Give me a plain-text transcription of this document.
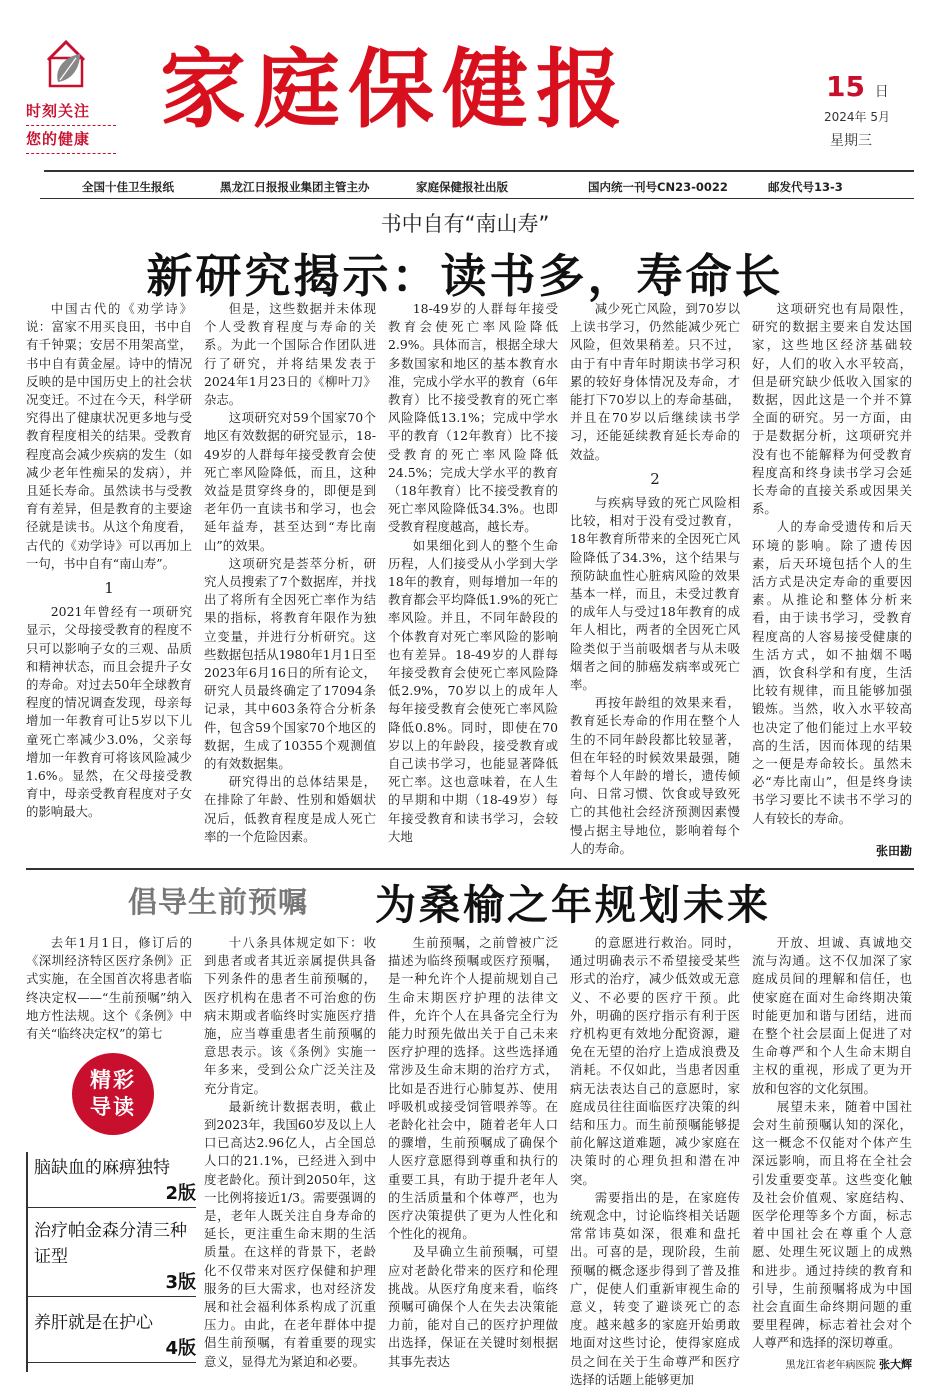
时刻关注
您的健康 家庭保健报	15 日
2024年 5月
星期三
全国十佳卫生报纸	黑龙江日报报业集团主管主办	家庭保健报社出版	国内统一刊号CN23-0022	邮发代号13-3
书中自有“南山寿”
新研究揭示：读书多，寿命长

中国古代的《劝学诗》说：富家不用买良田，书中自有千钟粟；安居不用架高堂，书中自有黄金屋。诗中的情况反映的是中国历史上的社会状况变迁。不过在今天，科学研究得出了健康状况更多地与受教育程度相关的结果。受教育程度高会减少疾病的发生（如减少老年性痴呆的发病），并且延长寿命。虽然读书与受教育有差异，但是教育的主要途径就是读书。从这个角度看，古代的《劝学诗》可以再加上一句，书中自有“南山寿”。

1

2021年曾经有一项研究显示，父母接受教育的程度不只可以影响子女的三观、品质和精神状态，而且会提升子女的寿命。对过去50年全球教育程度的情况调查发现，母亲每增加一年教育可让5岁以下儿童死亡率减少3.0%，父亲每增加一年教育可将该风险减少1.6%。显然，在父母接受教育中，母亲受教育程度对子女的影响最大。

但是，这些数据并未体现个人受教育程度与寿命的关系。为此一个国际合作团队进行了研究，并将结果发表于2024年1月23日的《柳叶刀》杂志。

这项研究对59个国家70个地区有效数据的研究显示，18-49岁的人群每年接受教育会使死亡率风险降低，而且，这种效益是贯穿终身的，即便是到老年仍一直读书和学习，也会延年益寿，甚至达到“寿比南山”的效果。

这项研究是荟萃分析，研究人员搜索了7个数据库，并找出了将所有全因死亡率作为结果的指标，将教育年限作为独立变量，并进行分析研究。这些数据包括从1980年1月1日至2023年6月16日的所有论文，研究人员最终确定了17094条记录，其中603条符合分析条件，包含59个国家70个地区的数据，生成了10355个观测值的有效数据集。

研究得出的总体结果是，在排除了年龄、性别和婚姻状况后，低教育程度是成人死亡率的一个危险因素。

18-49岁的人群每年接受教育会使死亡率风险降低2.9%。具体而言，根据全球大多数国家和地区的基本教育水准，完成小学水平的教育（6年教育）比不接受教育的死亡率风险降低13.1%；完成中学水平的教育（12年教育）比不接受教育的死亡率风险降低24.5%；完成大学水平的教育（18年教育）比不接受教育的死亡率风险降低34.3%。也即受教育程度越高，越长寿。

如果细化到人的整个生命历程，人们接受从小学到大学18年的教育，则每增加一年的教育都会平均降低1.9%的死亡率风险。并且，不同年龄段的个体教育对死亡率风险的影响也有差异。18-49岁的人群每年接受教育会使死亡率风险降低2.9%，70岁以上的成年人每年接受教育会使死亡率风险降低0.8%。同时，即使在70岁以上的年龄段，接受教育或自己读书学习，也能显著降低死亡率。这也意味着，在人生的早期和中期（18-49岁）每年接受教育和读书学习，会较大地

减少死亡风险，到70岁以上读书学习，仍然能减少死亡风险，但效果稍差。只不过，由于有中青年时期读书学习积累的较好身体情况及寿命，才能打下70岁以上的寿命基础，并且在70岁以后继续读书学习，还能延续教育延长寿命的效益。

2

与疾病导致的死亡风险相比较，相对于没有受过教育，18年教育所带来的全因死亡风险降低了34.3%，这个结果与预防缺血性心脏病风险的效果基本一样，而且，未受过教育的成年人与受过18年教育的成年人相比，两者的全因死亡风险类似于当前吸烟者与从未吸烟者之间的肺癌发病率或死亡率。

再按年龄组的效果来看，教育延长寿命的作用在整个人生的不同年龄段都比较显著，但在年轻的时候效果最强，随着每个人年龄的增长，遗传倾向、日常习惯、饮食或导致死亡的其他社会经济预测因素慢慢占据主导地位，影响着每个人的寿命。

这项研究也有局限性，研究的数据主要来自发达国家，这些地区经济基础较好，人们的收入水平较高，但是研究缺少低收入国家的数据，因此这是一个并不算全面的研究。另一方面，由于是数据分析，这项研究并没有也不能解释为何受教育程度高和终身读书学习会延长寿命的直接关系或因果关系。

人的寿命受遗传和后天环境的影响。除了遗传因素，后天环境包括个人的生活方式是决定寿命的重要因素。从推论和整体分析来看，由于读书学习，受教育程度高的人容易接受健康的生活方式，如不抽烟不喝酒，饮食科学和有度，生活比较有规律，而且能够加强锻炼。当然，收入水平较高也决定了他们能过上水平较高的生活，因而体现的结果之一便是寿命较长。虽然未必“寿比南山”，但是终身读书学习要比不读书不学习的人有较长的寿命。

张田勘
倡导生前预嘱 为桑榆之年规划未来

去年1月1日，修订后的《深圳经济特区医疗条例》正式实施，在全国首次将患者临终决定权——“生前预嘱”纳入地方性法规。这个《条例》中有关“临终决定权”的第七

十八条具体规定如下：收到患者或者其近亲属提供具备下列条件的患者生前预嘱的，医疗机构在患者不可治愈的伤病末期或者临终时实施医疗措施，应当尊重患者生前预嘱的意思表示。该《条例》实施一年多来，受到公众广泛关注及充分肯定。

最新统计数据表明，截止到2023年，我国60岁及以上人口已高达2.96亿人，占全国总人口的21.1%，已经进入到中度老龄化。预计到2050年，这一比例将接近1/3。需要强调的是，老年人既关注自身寿命的延长，更注重生命末期的生活质量。在这样的背景下，老龄化不仅带来对医疗保健和护理服务的巨大需求，也对经济发展和社会福利体系构成了沉重压力。由此，在老年群体中提倡生前预嘱，有着重要的现实意义，显得尤为紧迫和必要。

生前预嘱，之前曾被广泛描述为临终预嘱或医疗预嘱，是一种允许个人提前规划自己生命末期医疗护理的法律文件，允许个人在具备完全行为能力时预先做出关于自己未来医疗护理的选择。这些选择通常涉及生命末期的治疗方式，比如是否进行心肺复苏、使用呼吸机或接受饲管喂养等。在老龄化社会中，随着老年人口的骤增，生前预嘱成了确保个人医疗意愿得到尊重和执行的重要工具，有助于提升老年人的生活质量和个体尊严，也为医疗决策提供了更为人性化和个性化的视角。

及早确立生前预嘱，可望应对老龄化带来的医疗和伦理挑战。从医疗角度来看，临终预嘱可确保个人在失去决策能力前，能对自己的医疗护理做出选择，保证在关键时刻根据其事先表达

的意愿进行救治。同时，通过明确表示不希望接受某些形式的治疗，减少低效或无意义、不必要的医疗干预。此外，明确的医疗指示有利于医疗机构更有效地分配资源，避免在无望的治疗上造成浪费及消耗。不仅如此，当患者因重病无法表达自己的意愿时，家庭成员往往面临医疗决策的纠结和压力。而生前预嘱能够提前化解这道难题，减少家庭在决策时的心理负担和潜在冲突。

需要指出的是，在家庭传统观念中，讨论临终相关话题常常讳莫如深，很难和盘托出。可喜的是，现阶段，生前预嘱的概念逐步得到了普及推广，促使人们重新审视生命的意义，转变了避谈死亡的态度。越来越多的家庭开始勇敢地面对这些讨论，使得家庭成员之间在关于生命尊严和医疗选择的话题上能够更加

开放、坦诚、真诚地交流与沟通。这不仅加深了家庭成员间的理解和信任，也使家庭在面对生命终期决策时能更加和谐与团结，进而在整个社会层面上促进了对生命尊严和个人生命末期自主权的重视，形成了更为开放和包容的文化氛围。

展望未来，随着中国社会对生前预嘱认知的深化，这一概念不仅能对个体产生深远影响，而且将在全社会引发重要变革。这些变化触及社会价值观、家庭结构、医学伦理等多个方面，标志着中国社会在尊重个人意愿、处理生死议题上的成熟和进步。通过持续的教育和引导，生前预嘱将成为中国社会直面生命终期问题的重要里程碑，标志着社会对个人尊严和选择的深切尊重。

黑龙江省老年病医院 张大辉
精彩
导读
脑缺血的麻痹独特
2版
治疗帕金森分清三种证型
3版
养肝就是在护心
4版
